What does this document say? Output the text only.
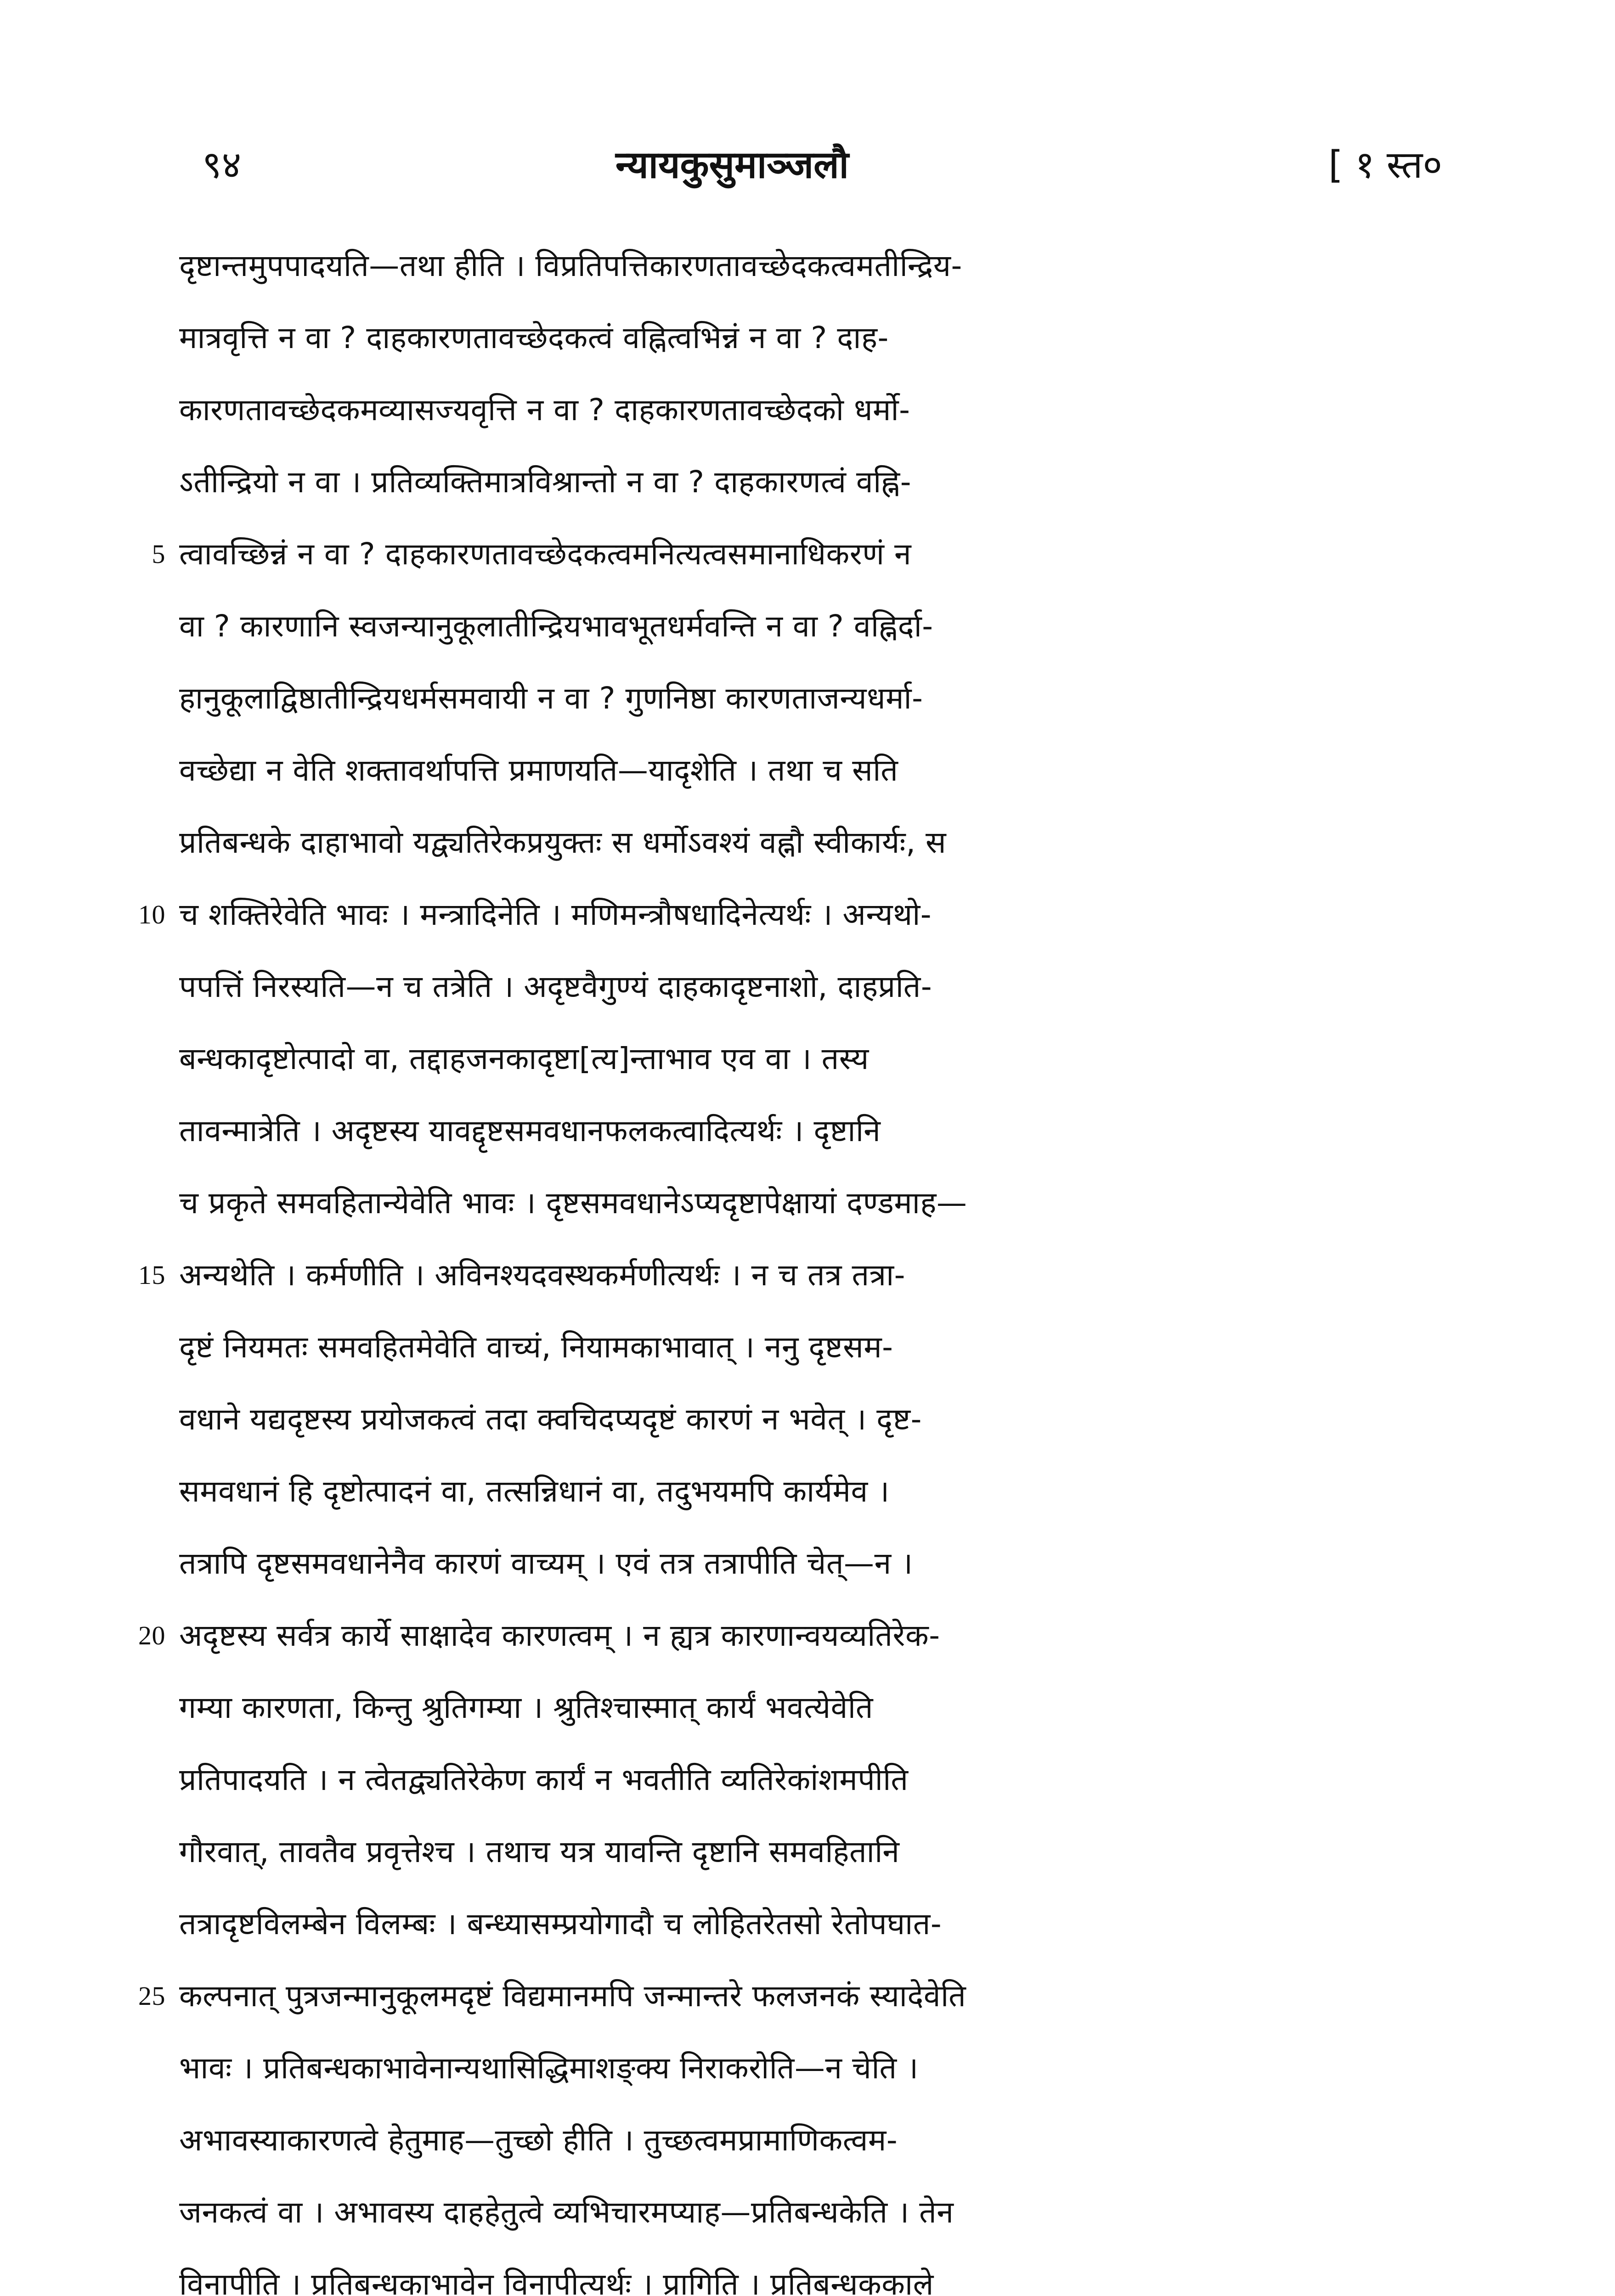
९४	न्यायकुसुमाञ्जलौ	[ १ स्त०
दृष्टान्तमुपपादयति—तथा हीति । विप्रतिपत्तिकारणतावच्छेदकत्वमतीन्द्रिय-
मात्रवृत्ति न वा ? दाहकारणतावच्छेदकत्वं वह्नित्वभिन्नं न वा ? दाह-
कारणतावच्छेदकमव्यासज्यवृत्ति न वा ? दाहकारणतावच्छेदको धर्मो-
ऽतीन्द्रियो न वा । प्रतिव्यक्तिमात्रविश्रान्तो न वा ? दाहकारणत्वं वह्नि-
5 त्वावच्छिन्नं न वा ? दाहकारणतावच्छेदकत्वमनित्यत्वसमानाधिकरणं न
वा ? कारणानि स्वजन्यानुकूलातीन्द्रियभावभूतधर्मवन्ति न वा ? वह्निर्दा-
हानुकूलाद्विष्ठातीन्द्रियधर्मसमवायी न वा ? गुणनिष्ठा कारणताजन्यधर्मा-
वच्छेद्या न वेति शक्तावर्थापत्ति प्रमाणयति—यादृशेति । तथा च सति
प्रतिबन्धके दाहाभावो यद्व्यतिरेकप्रयुक्तः स धर्मोऽवश्यं वह्नौ स्वीकार्यः, स
10 च शक्तिरेवेति भावः । मन्त्रादिनेति । मणिमन्त्रौषधादिनेत्यर्थः । अन्यथो-
पपत्तिं निरस्यति—न च तत्रेति । अदृष्टवैगुण्यं दाहकादृष्टनाशो, दाहप्रति-
बन्धकादृष्टोत्पादो वा, तद्दाहजनकादृष्टा[त्य]न्ताभाव एव वा । तस्य
तावन्मात्रेति । अदृष्टस्य यावद्दृष्टसमवधानफलकत्वादित्यर्थः । दृष्टानि
च प्रकृते समवहितान्येवेति भावः । दृष्टसमवधानेऽप्यदृष्टापेक्षायां दण्डमाह—
15 अन्यथेति । कर्मणीति । अविनश्यदवस्थकर्मणीत्यर्थः । न च तत्र तत्रा-
दृष्टं नियमतः समवहितमेवेति वाच्यं, नियामकाभावात् । ननु दृष्टसम-
वधाने यद्यदृष्टस्य प्रयोजकत्वं तदा क्वचिदप्यदृष्टं कारणं न भवेत् । दृष्ट-
समवधानं हि दृष्टोत्पादनं वा, तत्सन्निधानं वा, तदुभयमपि कार्यमेव ।
तत्रापि दृष्टसमवधानेनैव कारणं वाच्यम् । एवं तत्र तत्रापीति चेत्—न ।
20 अदृष्टस्य सर्वत्र कार्ये साक्षादेव कारणत्वम् । न ह्यत्र कारणान्वयव्यतिरेक-
गम्या कारणता, किन्तु श्रुतिगम्या । श्रुतिश्चास्मात् कार्यं भवत्येवेति
प्रतिपादयति । न त्वेतद्व्यतिरेकेण कार्यं न भवतीति व्यतिरेकांशमपीति
गौरवात्, तावतैव प्रवृत्तेश्च । तथाच यत्र यावन्ति दृष्टानि समवहितानि
तत्रादृष्टविलम्बेन विलम्बः । बन्ध्यासम्प्रयोगादौ च लोहितरेतसो रेतोपघात-
25 कल्पनात् पुत्रजन्मानुकूलमदृष्टं विद्यमानमपि जन्मान्तरे फलजनकं स्यादेवेति
भावः । प्रतिबन्धकाभावेनान्यथासिद्धिमाशङ्क्य निराकरोति—न चेति ।
अभावस्याकारणत्वे हेतुमाह—तुच्छो हीति । तुच्छत्वमप्रामाणिकत्वम-
जनकत्वं वा । अभावस्य दाहहेतुत्वे व्यभिचारमप्याह—प्रतिबन्धकेति । तेन
विनापीति । प्रतिबन्धकाभावेन विनापीत्यर्थः । प्रागिति । प्रतिबन्धककाले
